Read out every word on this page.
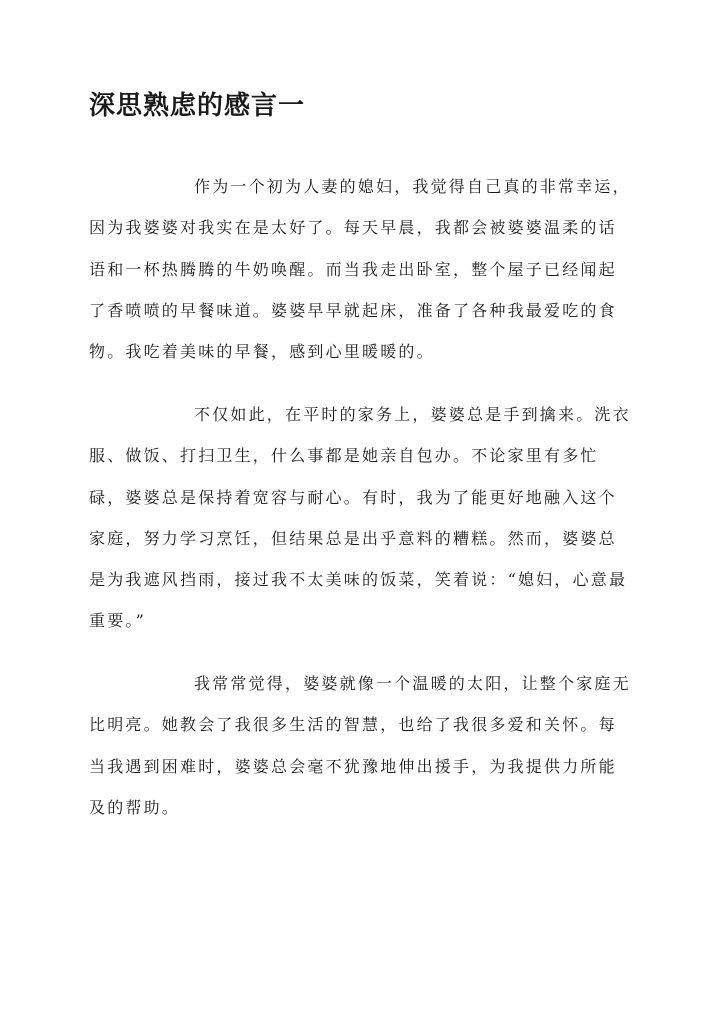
深思熟虑的感言一

作为一个初为人妻的媳妇，我觉得自己真的非常幸运，因为我婆婆对我实在是太好了。每天早晨，我都会被婆婆温柔的话语和一杯热腾腾的牛奶唤醒。而当我走出卧室，整个屋子已经闻起了香喷喷的早餐味道。婆婆早早就起床，准备了各种我最爱吃的食物。我吃着美味的早餐，感到心里暖暖的。

不仅如此，在平时的家务上，婆婆总是手到擒来。洗衣服、做饭、打扫卫生，什么事都是她亲自包办。不论家里有多忙碌，婆婆总是保持着宽容与耐心。有时，我为了能更好地融入这个家庭，努力学习烹饪，但结果总是出乎意料的糟糕。然而，婆婆总是为我遮风挡雨，接过我不太美味的饭菜，笑着说：“媳妇，心意最重要。”

我常常觉得，婆婆就像一个温暖的太阳，让整个家庭无比明亮。她教会了我很多生活的智慧，也给了我很多爱和关怀。每当我遇到困难时，婆婆总会毫不犹豫地伸出援手，为我提供力所能及的帮助。
